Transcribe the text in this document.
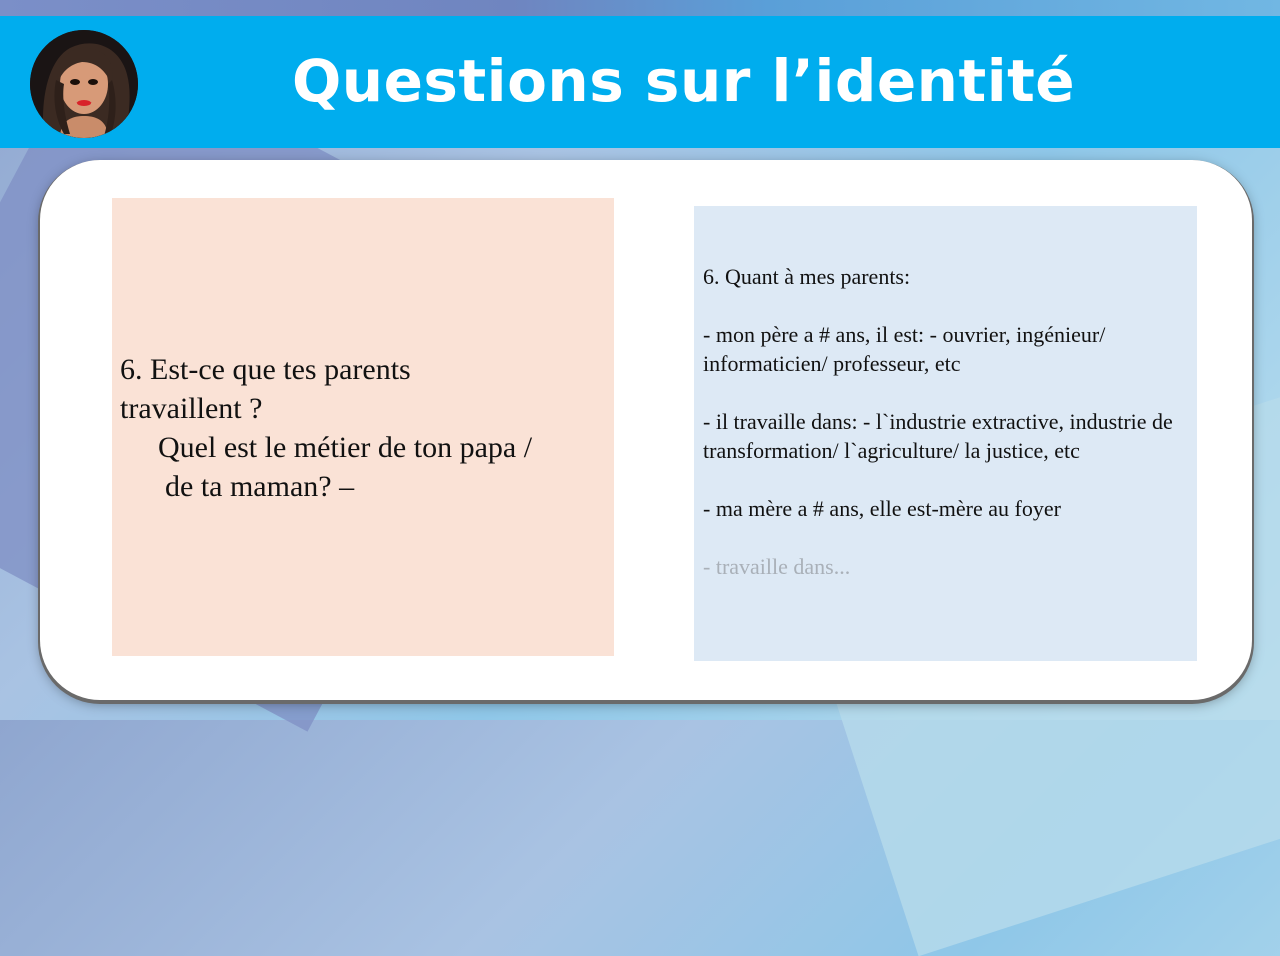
Questions sur l’identité
6. Est-ce que tes parents
travaillent ?
Quel est le métier de ton papa /
de ta maman? –

6. Quant à mes parents:

- mon père a # ans, il est: - ouvrier, ingénieur/ informaticien/ professeur, etc

- il travaille dans: - l`industrie extractive, industrie de transformation/ l`agriculture/ la justice, etc

- ma mère a # ans, elle est-mère au foyer

- travaille dans...
